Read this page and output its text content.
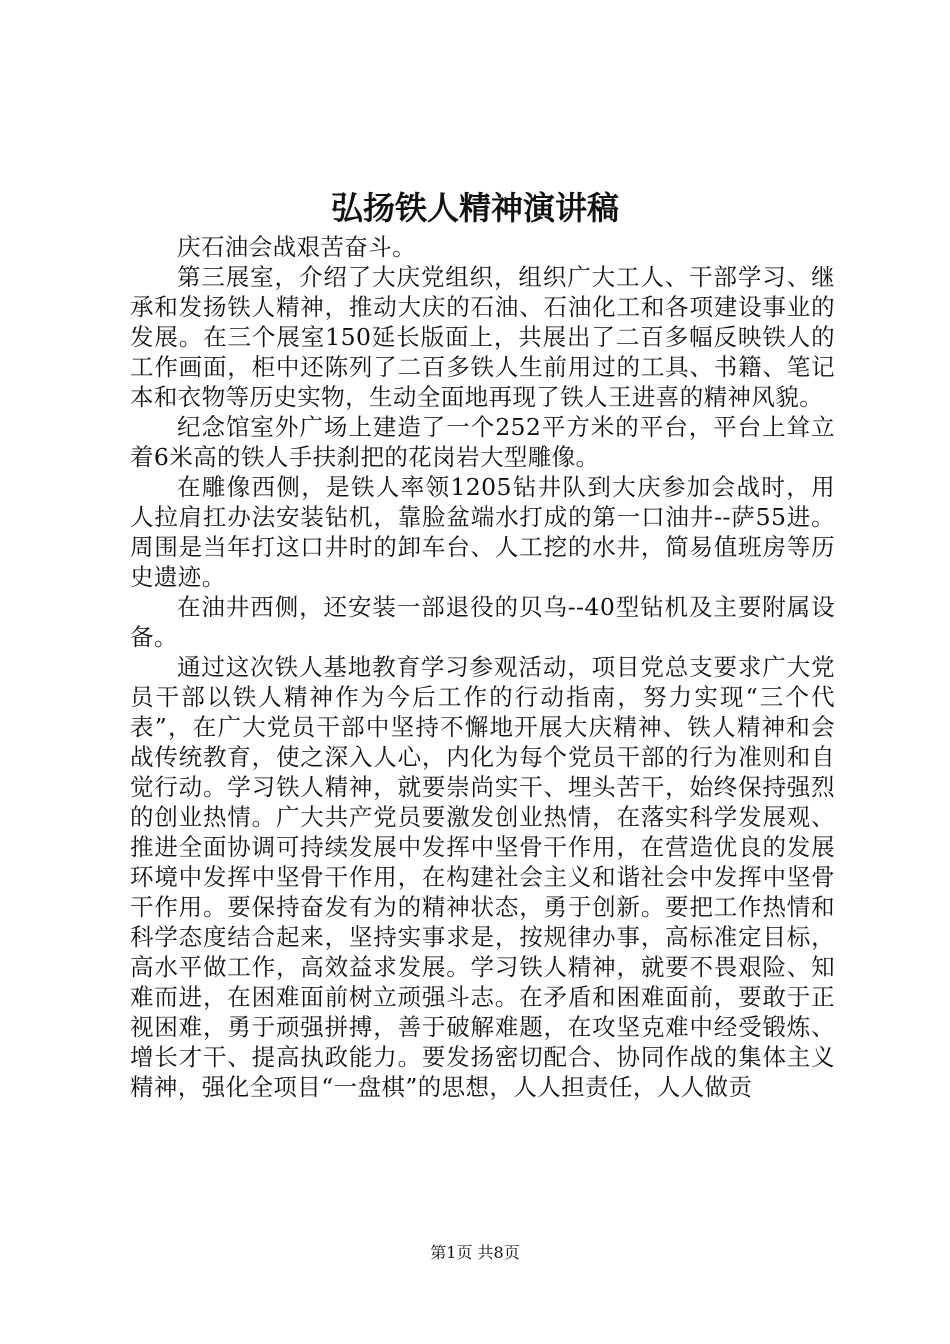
弘扬铁人精神演讲稿

庆石油会战艰苦奋斗。

第三展室，介绍了大庆党组织，组织广大工人、干部学习、继承和发扬铁人精神，推动大庆的石油、石油化工和各项建设事业的发展。在三个展室150延长版面上，共展出了二百多幅反映铁人的工作画面，柜中还陈列了二百多铁人生前用过的工具、书籍、笔记本和衣物等历史实物，生动全面地再现了铁人王进喜的精神风貌。

纪念馆室外广场上建造了一个252平方米的平台，平台上耸立着6米高的铁人手扶刹把的花岗岩大型雕像。

在雕像西侧，是铁人率领1205钻井队到大庆参加会战时，用人拉肩扛办法安装钻机，靠脸盆端水打成的第一口油井--萨55进。周围是当年打这口井时的卸车台、人工挖的水井，简易值班房等历史遗迹。

在油井西侧，还安装一部退役的贝乌--40型钻机及主要附属设备。

通过这次铁人基地教育学习参观活动，项目党总支要求广大党员干部以铁人精神作为今后工作的行动指南，努力实现“三个代表”，在广大党员干部中坚持不懈地开展大庆精神、铁人精神和会战传统教育，使之深入人心，内化为每个党员干部的行为准则和自觉行动。学习铁人精神，就要崇尚实干、埋头苦干，始终保持强烈的创业热情。广大共产党员要激发创业热情，在落实科学发展观、推进全面协调可持续发展中发挥中坚骨干作用，在营造优良的发展环境中发挥中坚骨干作用，在构建社会主义和谐社会中发挥中坚骨干作用。要保持奋发有为的精神状态，勇于创新。要把工作热情和科学态度结合起来，坚持实事求是，按规律办事，高标准定目标，高水平做工作，高效益求发展。学习铁人精神，就要不畏艰险、知难而进，在困难面前树立顽强斗志。在矛盾和困难面前，要敢于正视困难，勇于顽强拼搏，善于破解难题，在攻坚克难中经受锻炼、增长才干、提高执政能力。要发扬密切配合、协同作战的集体主义精神，强化全项目“一盘棋”的思想，人人担责任，人人做贡

第1页 共8页
